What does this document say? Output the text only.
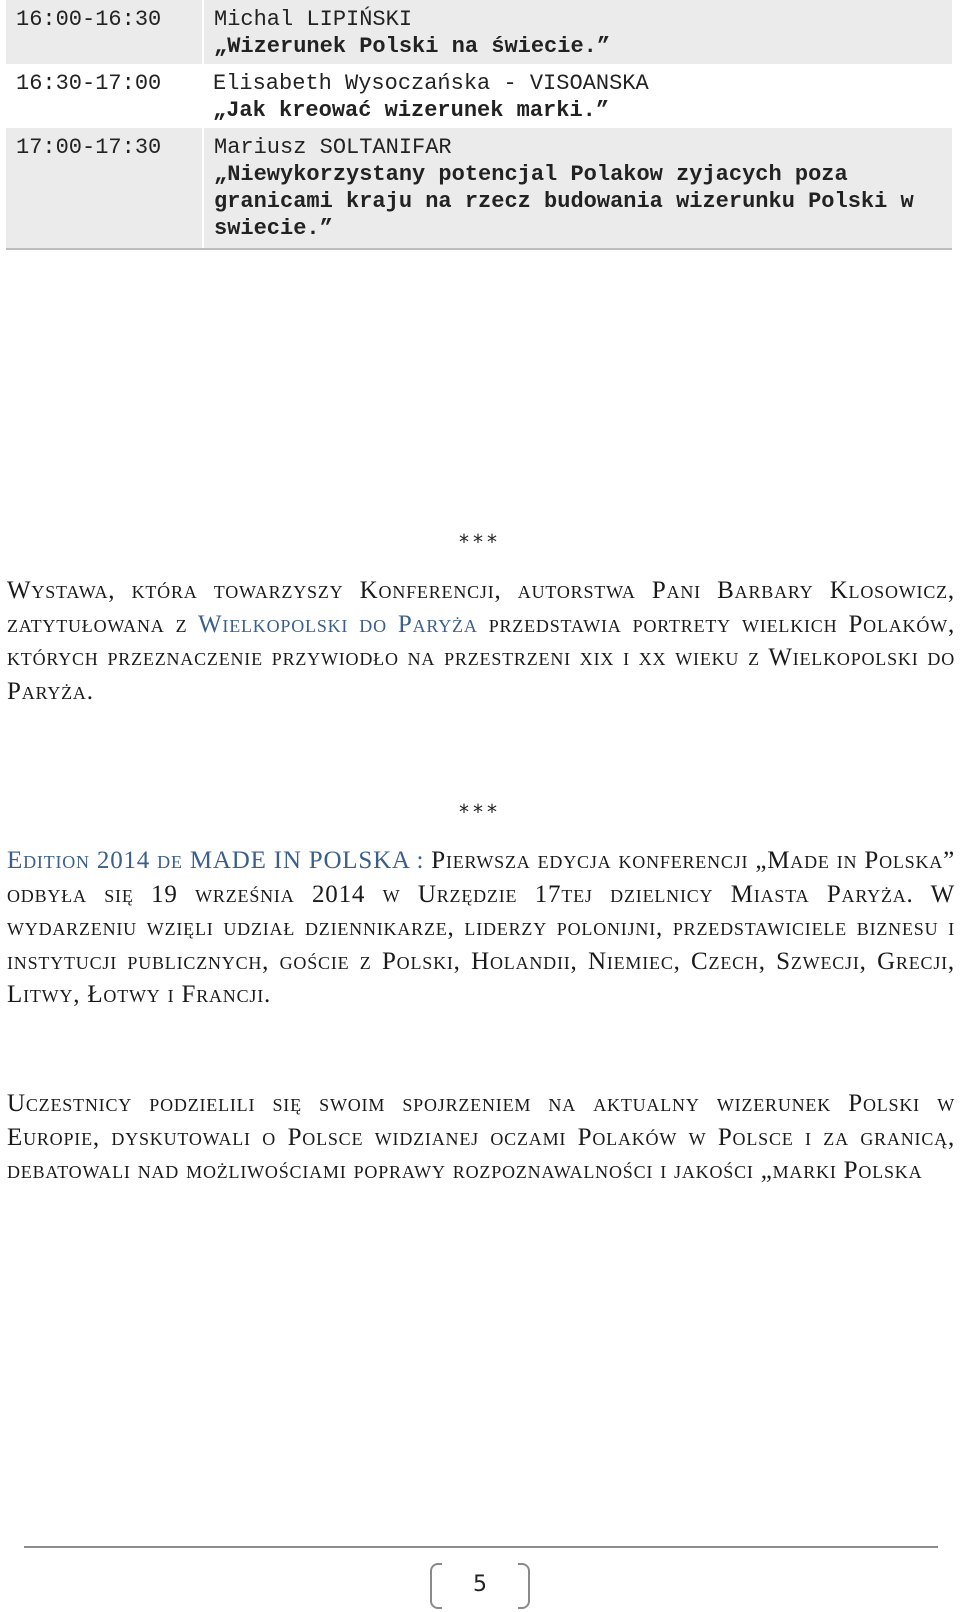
16:00-16:30	Michal LIPIŃSKI
„Wizerunek Polski na świecie.”

16:30-17:00	Elisabeth Wysoczańska - VISOANSKA
„Jak kreować wizerunek marki.”

17:00-17:30	Mariusz SOLTANIFAR
„Niewykorzystany potencjal Polakow zyjacych poza granicami kraju na rzecz budowania wizerunku Polski w swiecie.”
***

Wystawa, która towarzyszy Konferencji, autorstwa Pani Barbary Klosowicz, zatytułowana z Wielkopolski do Paryża przedstawia portrety wielkich Polaków, których przeznaczenie przywiodło na przestrzeni xix i xx wieku z Wielkopolski do Paryża.

***

Edition 2014 de MADE IN POLSKA : Pierwsza edycja konferencji „Made in Polska” odbyła się 19 września 2014 w Urzędzie 17tej dzielnicy Miasta Paryża. W wydarzeniu wzięli udział dziennikarze, liderzy polonijni, przedstawiciele biznesu i instytucji publicznych, goście z Polski, Holandii, Niemiec, Czech, Szwecji, Grecji, Litwy, Łotwy i Francji.

Uczestnicy podzielili się swoim spojrzeniem na aktualny wizerunek Polski w Europie, dyskutowali o Polsce widzianej oczami Polaków w Polsce i za granicą, debatowali nad możliwościami poprawy rozpoznawalności i jakości „marki Polska

5
